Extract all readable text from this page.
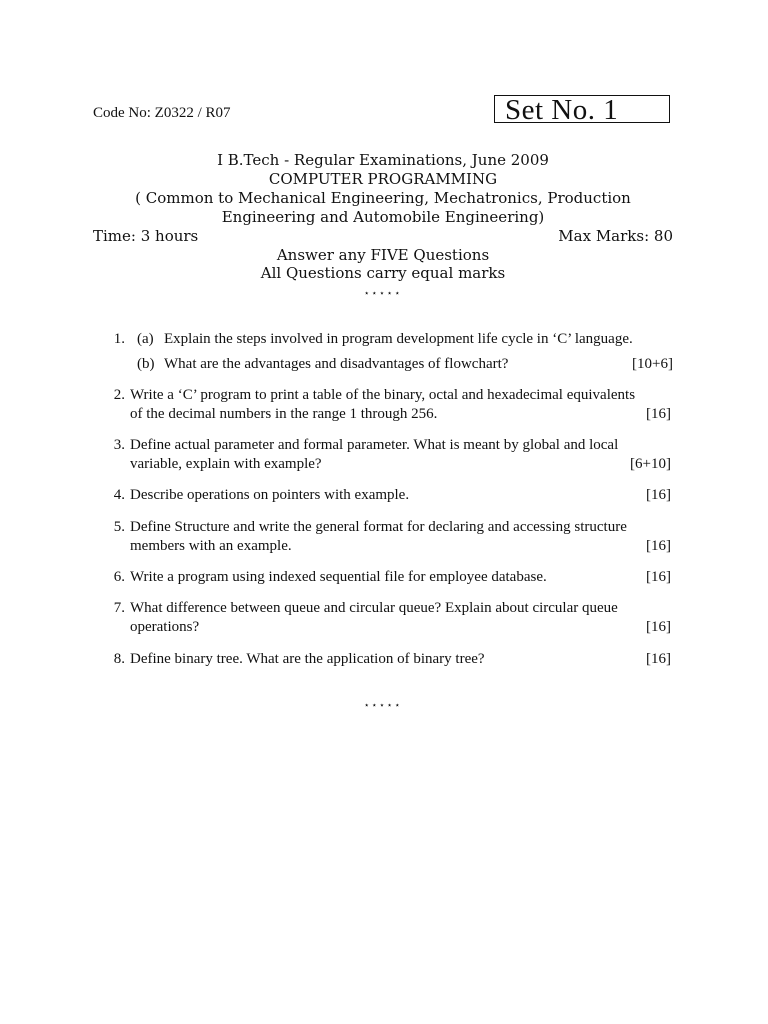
Code No: Z0322 / R07	Set No. 1
I B.Tech - Regular Examinations, June 2009
COMPUTER PROGRAMMING
( Common to Mechanical Engineering, Mechatronics, Production
Engineering and Automobile Engineering)
Time: 3 hours	Max Marks: 80
Answer any FIVE Questions
All Questions carry equal marks
⋆⋆⋆⋆⋆
1. (a) Explain the steps involved in program development life cycle in ‘C’ language.
(b) What are the advantages and disadvantages of flowchart?	[10+6]
2. Write a ‘C’ program to print a table of the binary, octal and hexadecimal equivalents
of the decimal numbers in the range 1 through 256.	[16]
3. Define actual parameter and formal parameter. What is meant by global and local
variable, explain with example?	[6+10]
4. Describe operations on pointers with example.	[16]
5. Define Structure and write the general format for declaring and accessing structure
members with an example.	[16]
6. Write a program using indexed sequential file for employee database.	[16]
7. What difference between queue and circular queue? Explain about circular queue
operations?	[16]
8. Define binary tree. What are the application of binary tree?	[16]
⋆⋆⋆⋆⋆
